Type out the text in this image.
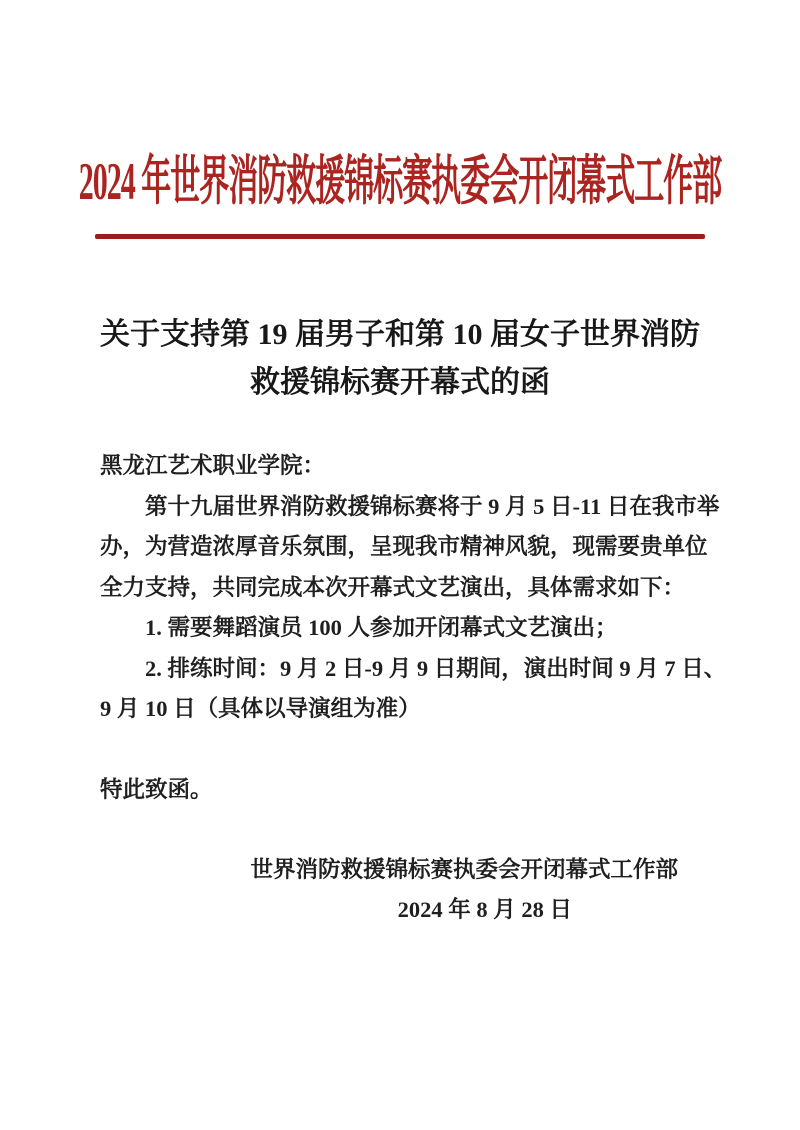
2024 年世界消防救援锦标赛执委会开闭幕式工作部
关于支持第 19 届男子和第 10 届女子世界消防
救援锦标赛开幕式的函
黑龙江艺术职业学院：
第十九届世界消防救援锦标赛将于 9 月 5 日-11 日在我市举
办，为营造浓厚音乐氛围，呈现我市精神风貌，现需要贵单位
全力支持，共同完成本次开幕式文艺演出，具体需求如下：
1. 需要舞蹈演员 100 人参加开闭幕式文艺演出；
2. 排练时间：9 月 2 日-9 月 9 日期间，演出时间 9 月 7 日、
9 月 10 日（具体以导演组为准）
特此致函。
世界消防救援锦标赛执委会开闭幕式工作部
2024 年 8 月 28 日
